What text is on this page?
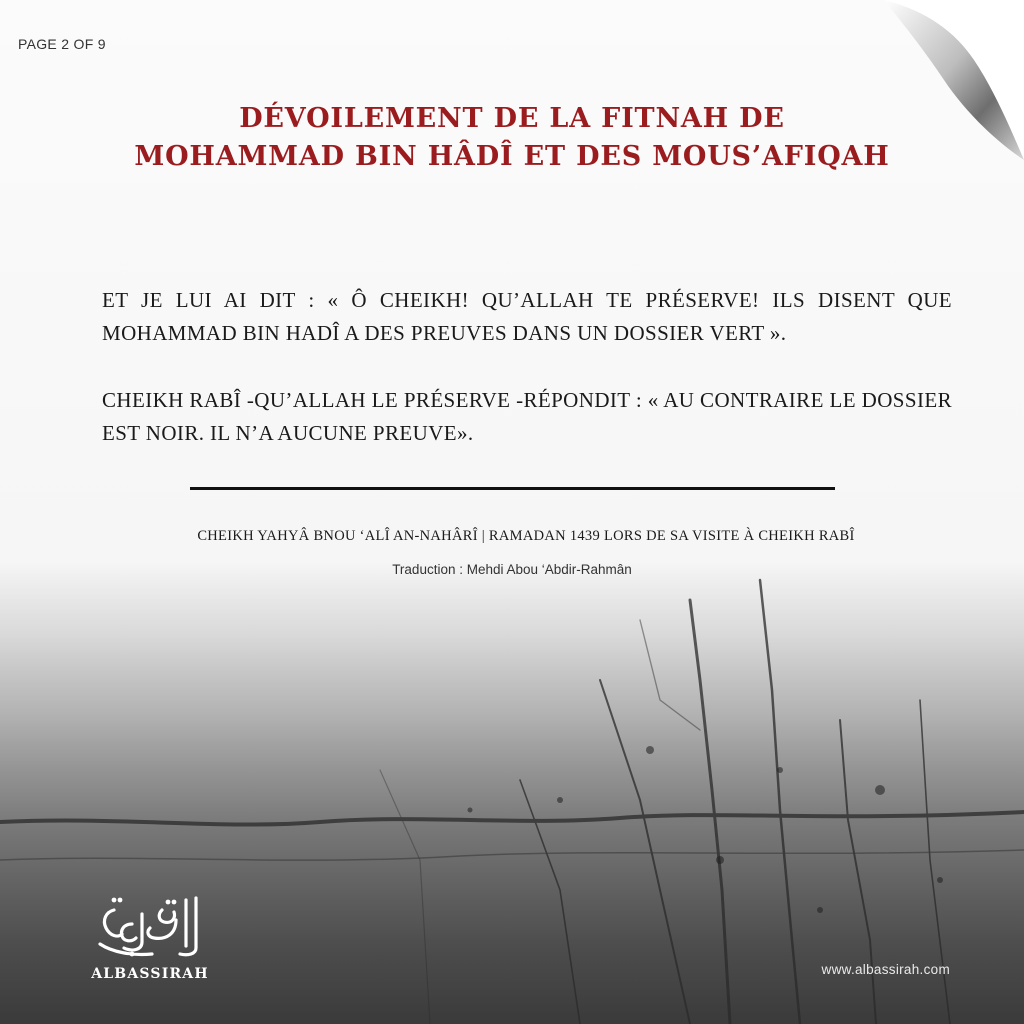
PAGE 2 OF 9
DÉVOILEMENT DE LA FITNAH DE
MOHAMMAD BIN HÂDÎ ET DES MOUS’AFIQAH

ET JE LUI AI DIT : « Ô CHEIKH! QU’ALLAH TE PRÉSERVE! ILS DISENT QUE MOHAMMAD BIN HADÎ A DES PREUVES DANS UN DOSSIER VERT ».

CHEIKH RABÎ -QU’ALLAH LE PRÉSERVE -RÉPONDIT : « AU CONTRAIRE LE DOSSIER EST NOIR. IL N’A AUCUNE PREUVE».

CHEIKH YAHYÂ BNOU ‘ALÎ AN-NAHÂRÎ | RAMADAN 1439 LORS DE SA VISITE À CHEIKH RABÎ
Traduction : Mehdi Abou ‘Abdir-Rahmân
ALBASSIRAH	www.albassirah.com
